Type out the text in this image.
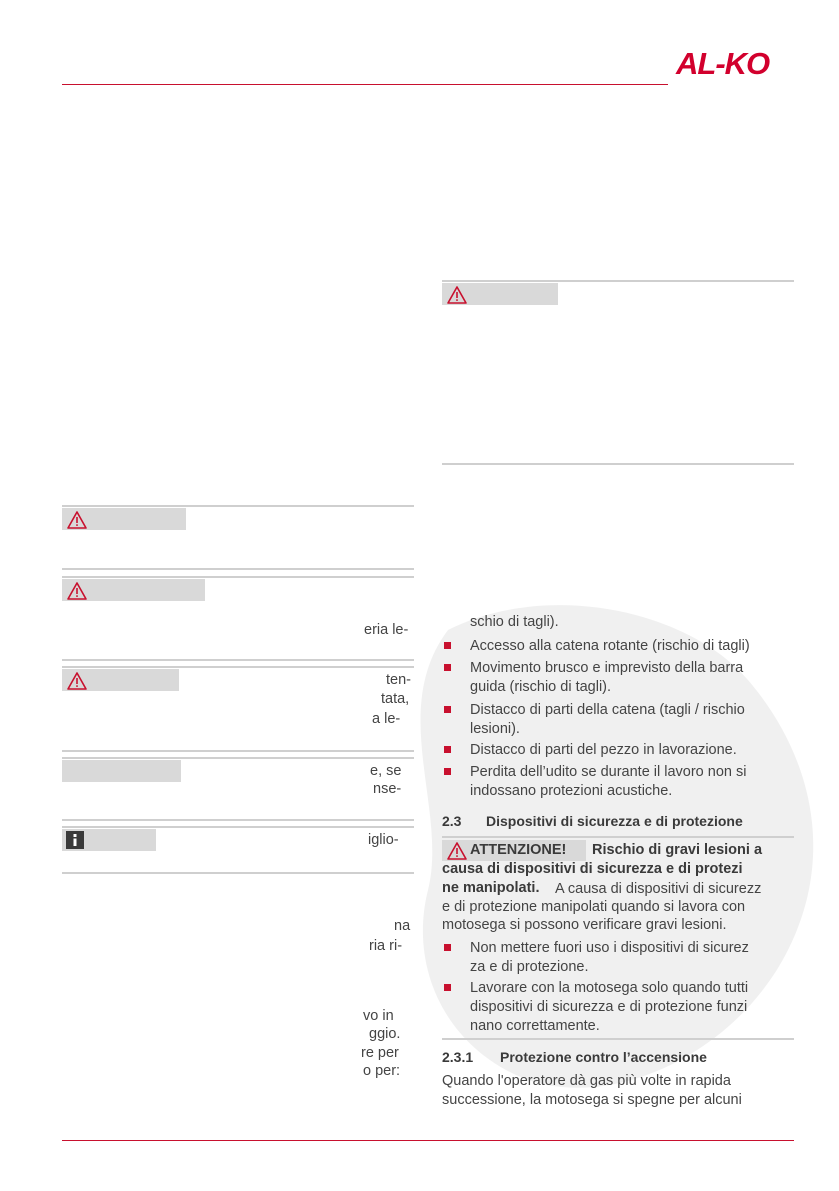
AL-KO
eria le-
ten-
tata,
a le-
e, se
nse-
iglio-
na
ria ri-
vo in
ggio.
re per
o per:
schio di tagli).
Accesso alla catena rotante (rischio di tagli)
Movimento brusco e imprevisto della barra
guida (rischio di tagli).
Distacco di parti della catena (tagli / rischio
lesioni).
Distacco di parti del pezzo in lavorazione.
Perdita dell’udito se durante il lavoro non si
indossano protezioni acustiche.
2.3 Dispositivi di sicurezza e di protezione
ATTENZIONE! Rischio di gravi lesioni a
causa di dispositivi di sicurezza e di protezi
ne manipolati. A causa di dispositivi di sicurezz
e di protezione manipolati quando si lavora con
motosega si possono verificare gravi lesioni.
Non mettere fuori uso i dispositivi di sicurez
za e di protezione.
Lavorare con la motosega solo quando tutti
dispositivi di sicurezza e di protezione funzi
nano correttamente.
2.3.1 Protezione contro l’accensione
Quando l'operatore dà gas più volte in rapida
successione, la motosega si spegne per alcuni
